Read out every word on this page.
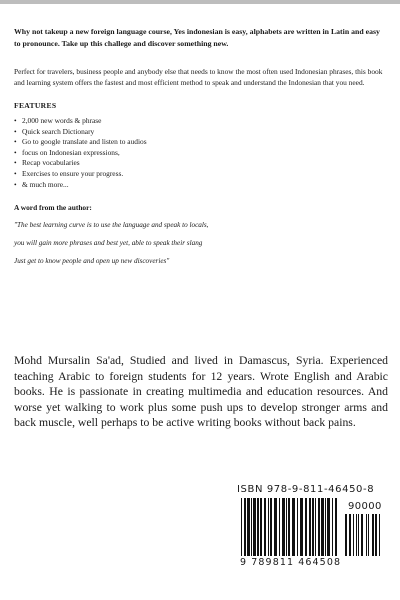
Why not takeup a new foreign language course, Yes indonesian is easy, alphabets are written in Latin and easy to pronounce. Take up this challege and discover something new.

Perfect for travelers, business people and anybody else that needs to know the most often used Indonesian phrases, this book and learning system offers the fastest and most efficient method to speak and understand the Indonesian that you need.

FEATURES
• 2,000 new words & phrase
• Quick search Dictionary
• Go to google translate and listen to audios
• focus on Indonesian expressions,
• Recap vocabularies
• Exercises to ensure your progress.
• & much more...
A word from the author:

"The best learning curve is to use the language and speak to locals,

you will gain more phrases and best yet, able to speak their slang

Just get to know people and open up new discoveries"

Mohd Mursalin Sa'ad, Studied and lived in Damascus, Syria. Experienced teaching Arabic to foreign students for 12 years. Wrote English and Arabic books. He is passionate in creating multimedia and education resources. And worse yet walking to work plus some push ups to develop stronger arms and back muscle, well perhaps to be active writing books without back pains.

ISBN 978-9-811-46450-8
90000
9 789811 464508
